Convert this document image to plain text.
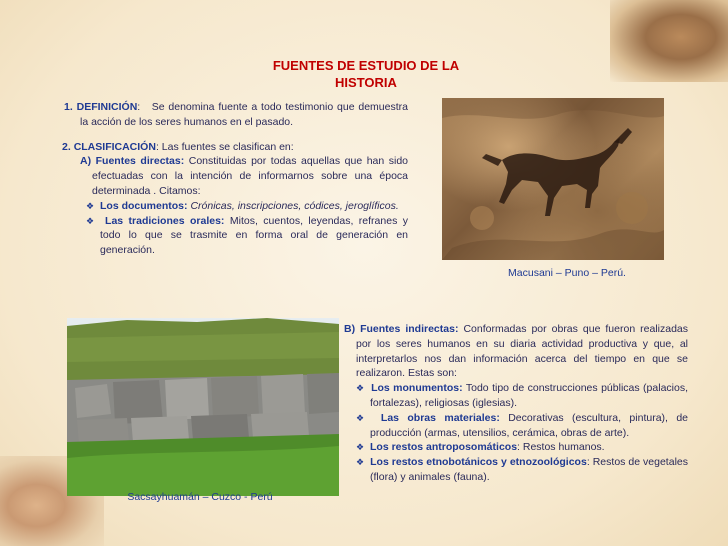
FUENTES DE ESTUDIO DE LA
HISTORIA
1. DEFINICIÓN: Se denomina fuente a todo testimonio que demuestra la acción de los seres humanos en el pasado.
2. CLASIFICACIÓN: Las fuentes se clasifican en:
A) Fuentes directas: Constituidas por todas aquellas que han sido efectuadas con la intención de informarnos sobre una época determinada . Citamos:
❖ Los documentos: Crónicas, inscripciones, códices, jeroglíficos.
❖ Las tradiciones orales: Mitos, cuentos, leyendas, refranes y todo lo que se trasmite en forma oral de generación en generación.
Macusani – Puno – Perú.
Sacsayhuamán – Cuzco - Perú
B) Fuentes indirectas: Conformadas por obras que fueron realizadas por los seres humanos en su diaria actividad productiva y que, al interpretarlos nos dan información acerca del tiempo en que se realizaron. Estas son:
❖ Los monumentos: Todo tipo de construcciones públicas (palacios, fortalezas), religiosas (iglesias).
❖ Las obras materiales: Decorativas (escultura, pintura), de producción (armas, utensilios, cerámica, obras de arte).
❖ Los restos antroposomáticos: Restos humanos.
❖ Los restos etnobotánicos y etnozoológicos: Restos de vegetales (flora) y animales (fauna).
